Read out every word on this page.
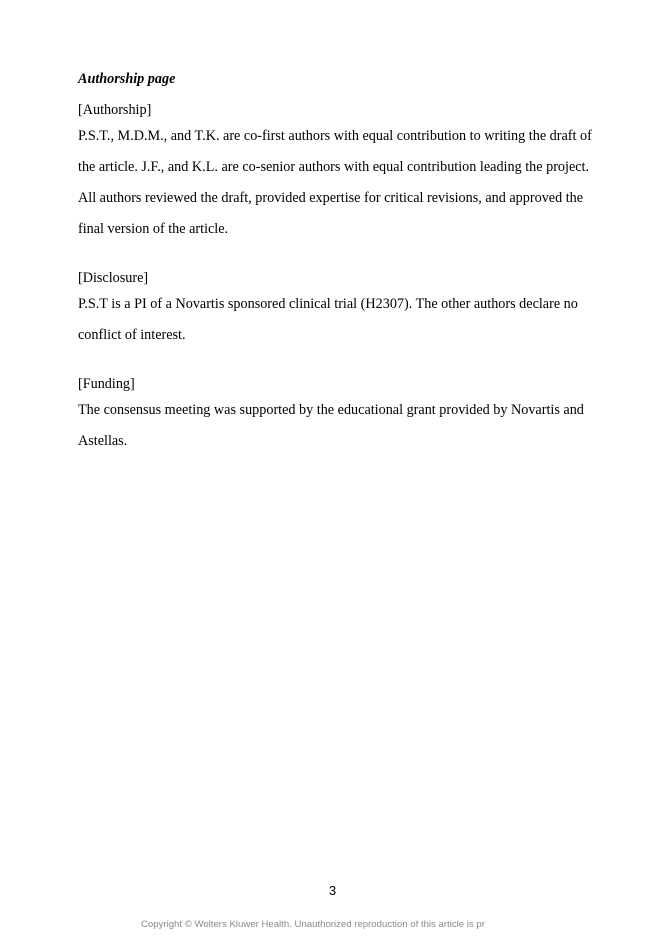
Authorship page

[Authorship]

P.S.T., M.D.M., and T.K. are co-first authors with equal contribution to writing the draft of
the article. J.F., and K.L. are co-senior authors with equal contribution leading the project.
All authors reviewed the draft, provided expertise for critical revisions, and approved the
final version of the article.

[Disclosure]

P.S.T is a PI of a Novartis sponsored clinical trial (H2307). The other authors declare no
conflict of interest.

[Funding]

The consensus meeting was supported by the educational grant provided by Novartis and
Astellas.
3
Copyright © Wolters Kluwer Health. Unauthorized reproduction of this article is pr
